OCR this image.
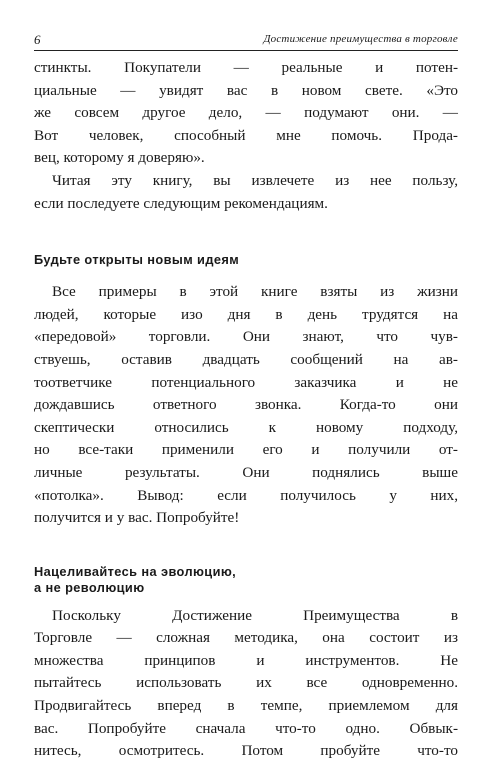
6	Достижение преимущества в торговле
стинкты. Покупатели — реальные и потен-
циальные — увидят вас в новом свете. «Это
же совсем другое дело, — подумают они. —
Вот человек, способный мне помочь. Прода-
вец, которому я доверяю».
Читая эту книгу, вы извлечете из нее пользу,
если последуете следующим рекомендациям.
Будьте открыты новым идеям
Все примеры в этой книге взяты из жизни
людей, которые изо дня в день трудятся на
«передовой» торговли. Они знают, что чув-
ствуешь, оставив двадцать сообщений на ав-
тоответчике потенциального заказчика и не
дождавшись ответного звонка. Когда-то они
скептически относились к новому подходу,
но все-таки применили его и получили от-
личные результаты. Они поднялись выше
«потолка». Вывод: если получилось у них,
получится и у вас. Попробуйте!
Нацеливайтесь на эволюцию,
а не революцию
Поскольку Достижение Преимущества в
Торговле — сложная методика, она состоит из
множества принципов и инструментов. Не
пытайтесь использовать их все одновременно.
Продвигайтесь вперед в темпе, приемлемом для
вас. Попробуйте сначала что-то одно. Обвык-
нитесь, осмотритесь. Потом пробуйте что-то
